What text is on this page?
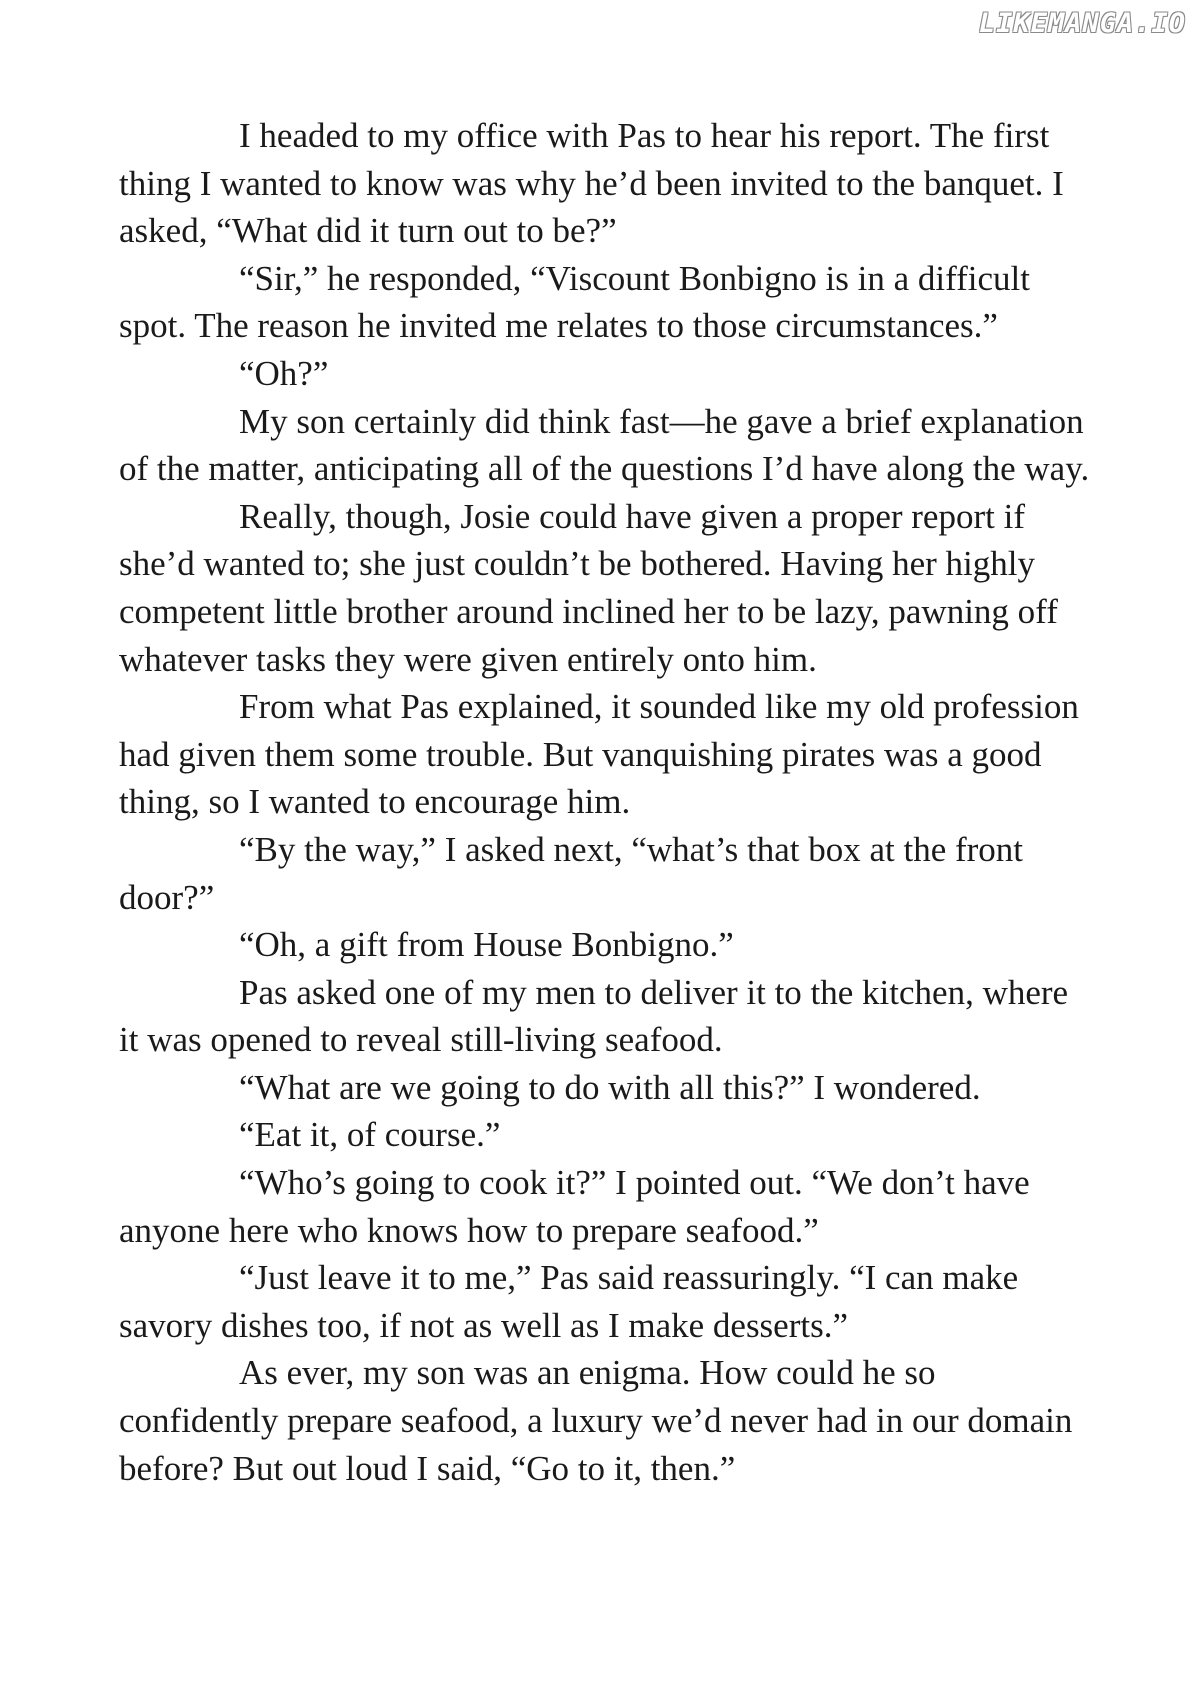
LIKEMANGA.IO

I headed to my office with Pas to hear his report. The first thing I wanted to know was why he’d been invited to the banquet. I asked, “What did it turn out to be?”

“Sir,” he responded, “Viscount Bonbigno is in a difficult spot. The reason he invited me relates to those circumstances.”

“Oh?”

My son certainly did think fast—he gave a brief explanation of the matter, anticipating all of the questions I’d have along the way.

Really, though, Josie could have given a proper report if she’d wanted to; she just couldn’t be bothered. Having her highly competent little brother around inclined her to be lazy, pawning off whatever tasks they were given entirely onto him.

From what Pas explained, it sounded like my old profession had given them some trouble. But vanquishing pirates was a good thing, so I wanted to encourage him.

“By the way,” I asked next, “what’s that box at the front door?”

“Oh, a gift from House Bonbigno.”

Pas asked one of my men to deliver it to the kitchen, where it was opened to reveal still-living seafood.

“What are we going to do with all this?” I wondered.

“Eat it, of course.”

“Who’s going to cook it?” I pointed out. “We don’t have anyone here who knows how to prepare seafood.”

“Just leave it to me,” Pas said reassuringly. “I can make savory dishes too, if not as well as I make desserts.”

As ever, my son was an enigma. How could he so confidently prepare seafood, a luxury we’d never had in our domain before? But out loud I said, “Go to it, then.”
